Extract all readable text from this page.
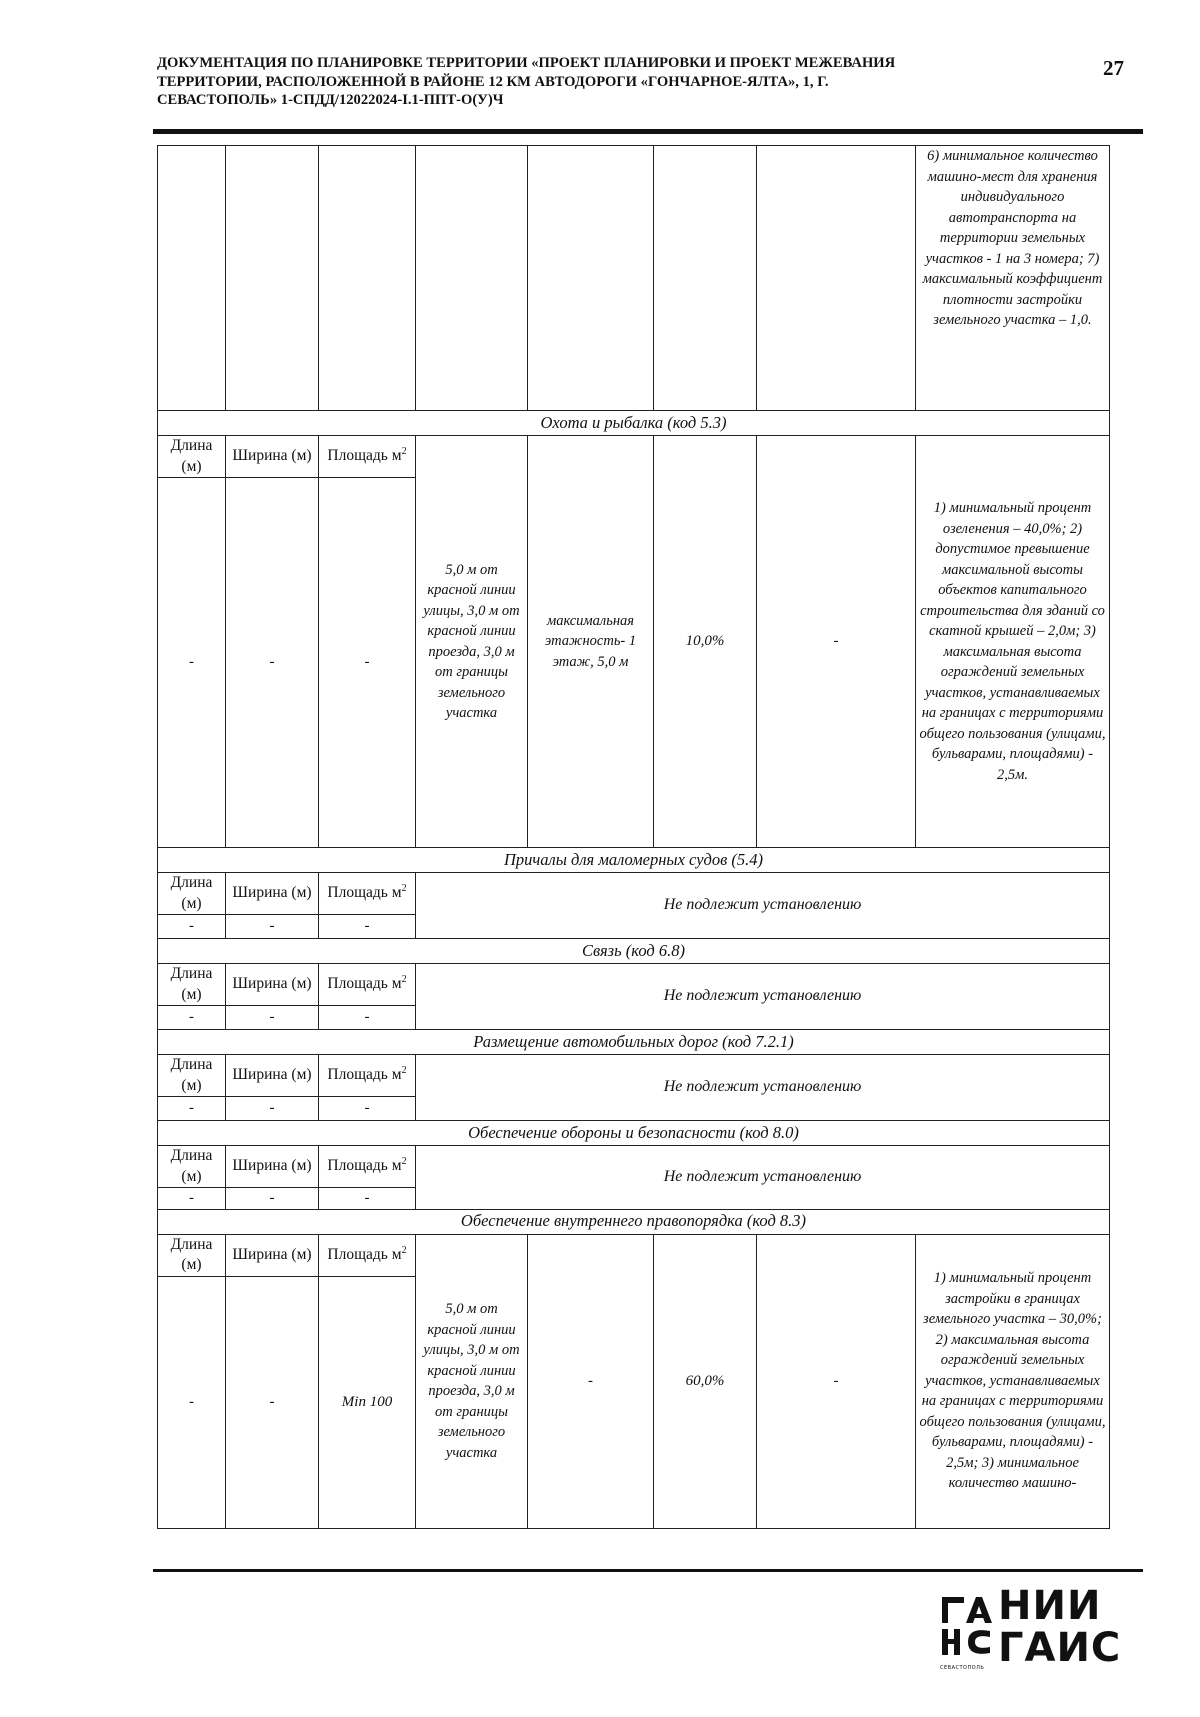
ДОКУМЕНТАЦИЯ ПО ПЛАНИРОВКЕ ТЕРРИТОРИИ «ПРОЕКТ ПЛАНИРОВКИ И ПРОЕКТ МЕЖЕВАНИЯ
ТЕРРИТОРИИ, РАСПОЛОЖЕННОЙ В РАЙОНЕ 12 КМ АВТОДОРОГИ «ГОНЧАРНОЕ-ЯЛТА», 1, Г.
СЕВАСТОПОЛЬ» 1-СПДД/12022024-I.1-ППТ-О(У)Ч
27
							6) минимальное количество машино-мест для хранения индивидуального автотранспорта на территории земельных участков - 1 на 3 номера; 7) максимальный коэффициент плотности застройки земельного участка – 1,0.
Охота и рыбалка (код 5.3)							
Длина (м)	Ширина (м)	Площадь $м^2$	5,0 м от красной линии улицы, 3,0 м от красной линии проезда, 3,0 м от границы земельного участка	максимальная этажность- 1 этаж, 5,0 м	10,0%	-	1) минимальный процент озеленения – 40,0%; 2) допустимое превышение максимальной высоты объектов капитального строительства для зданий со скатной крышей – 2,0м; 3) максимальная высота ограждений земельных участков, устанавливаемых на границах с территориями общего пользования (улицами, бульварами, площадями) - 2,5м.
-	-	-					
Причалы для маломерных судов (5.4)							
Длина (м)	Ширина (м)	Площадь $м^2$	Не подлежит установлению				
-	-	-					
Связь (код 6.8)							
Длина (м)	Ширина (м)	Площадь $м^2$	Не подлежит установлению				
-	-	-					
Размещение автомобильных дорог (код 7.2.1)							
Длина (м)	Ширина (м)	Площадь $м^2$	Не подлежит установлению				
-	-	-					
Обеспечение обороны и безопасности (код 8.0)							
Длина (м)	Ширина (м)	Площадь $м^2$	Не подлежит установлению				
-	-	-					
Обеспечение внутреннего правопорядка (код 8.3)							
Длина (м)	Ширина (м)	Площадь $м^2$	5,0 м от красной линии улицы, 3,0 м от красной линии проезда, 3,0 м от границы земельного участка	-	60,0%	-	1) минимальный процент застройки в границах земельного участка – 30,0%; 2) максимальная высота ограждений земельных участков, устанавливаемых на границах с территориями общего пользования (улицами, бульварами, площадями) - 2,5м; 3) минимальное количество машино-
-	-	Min 100					
НИИ
ГАИС
СЕВАСТОПОЛЬ
